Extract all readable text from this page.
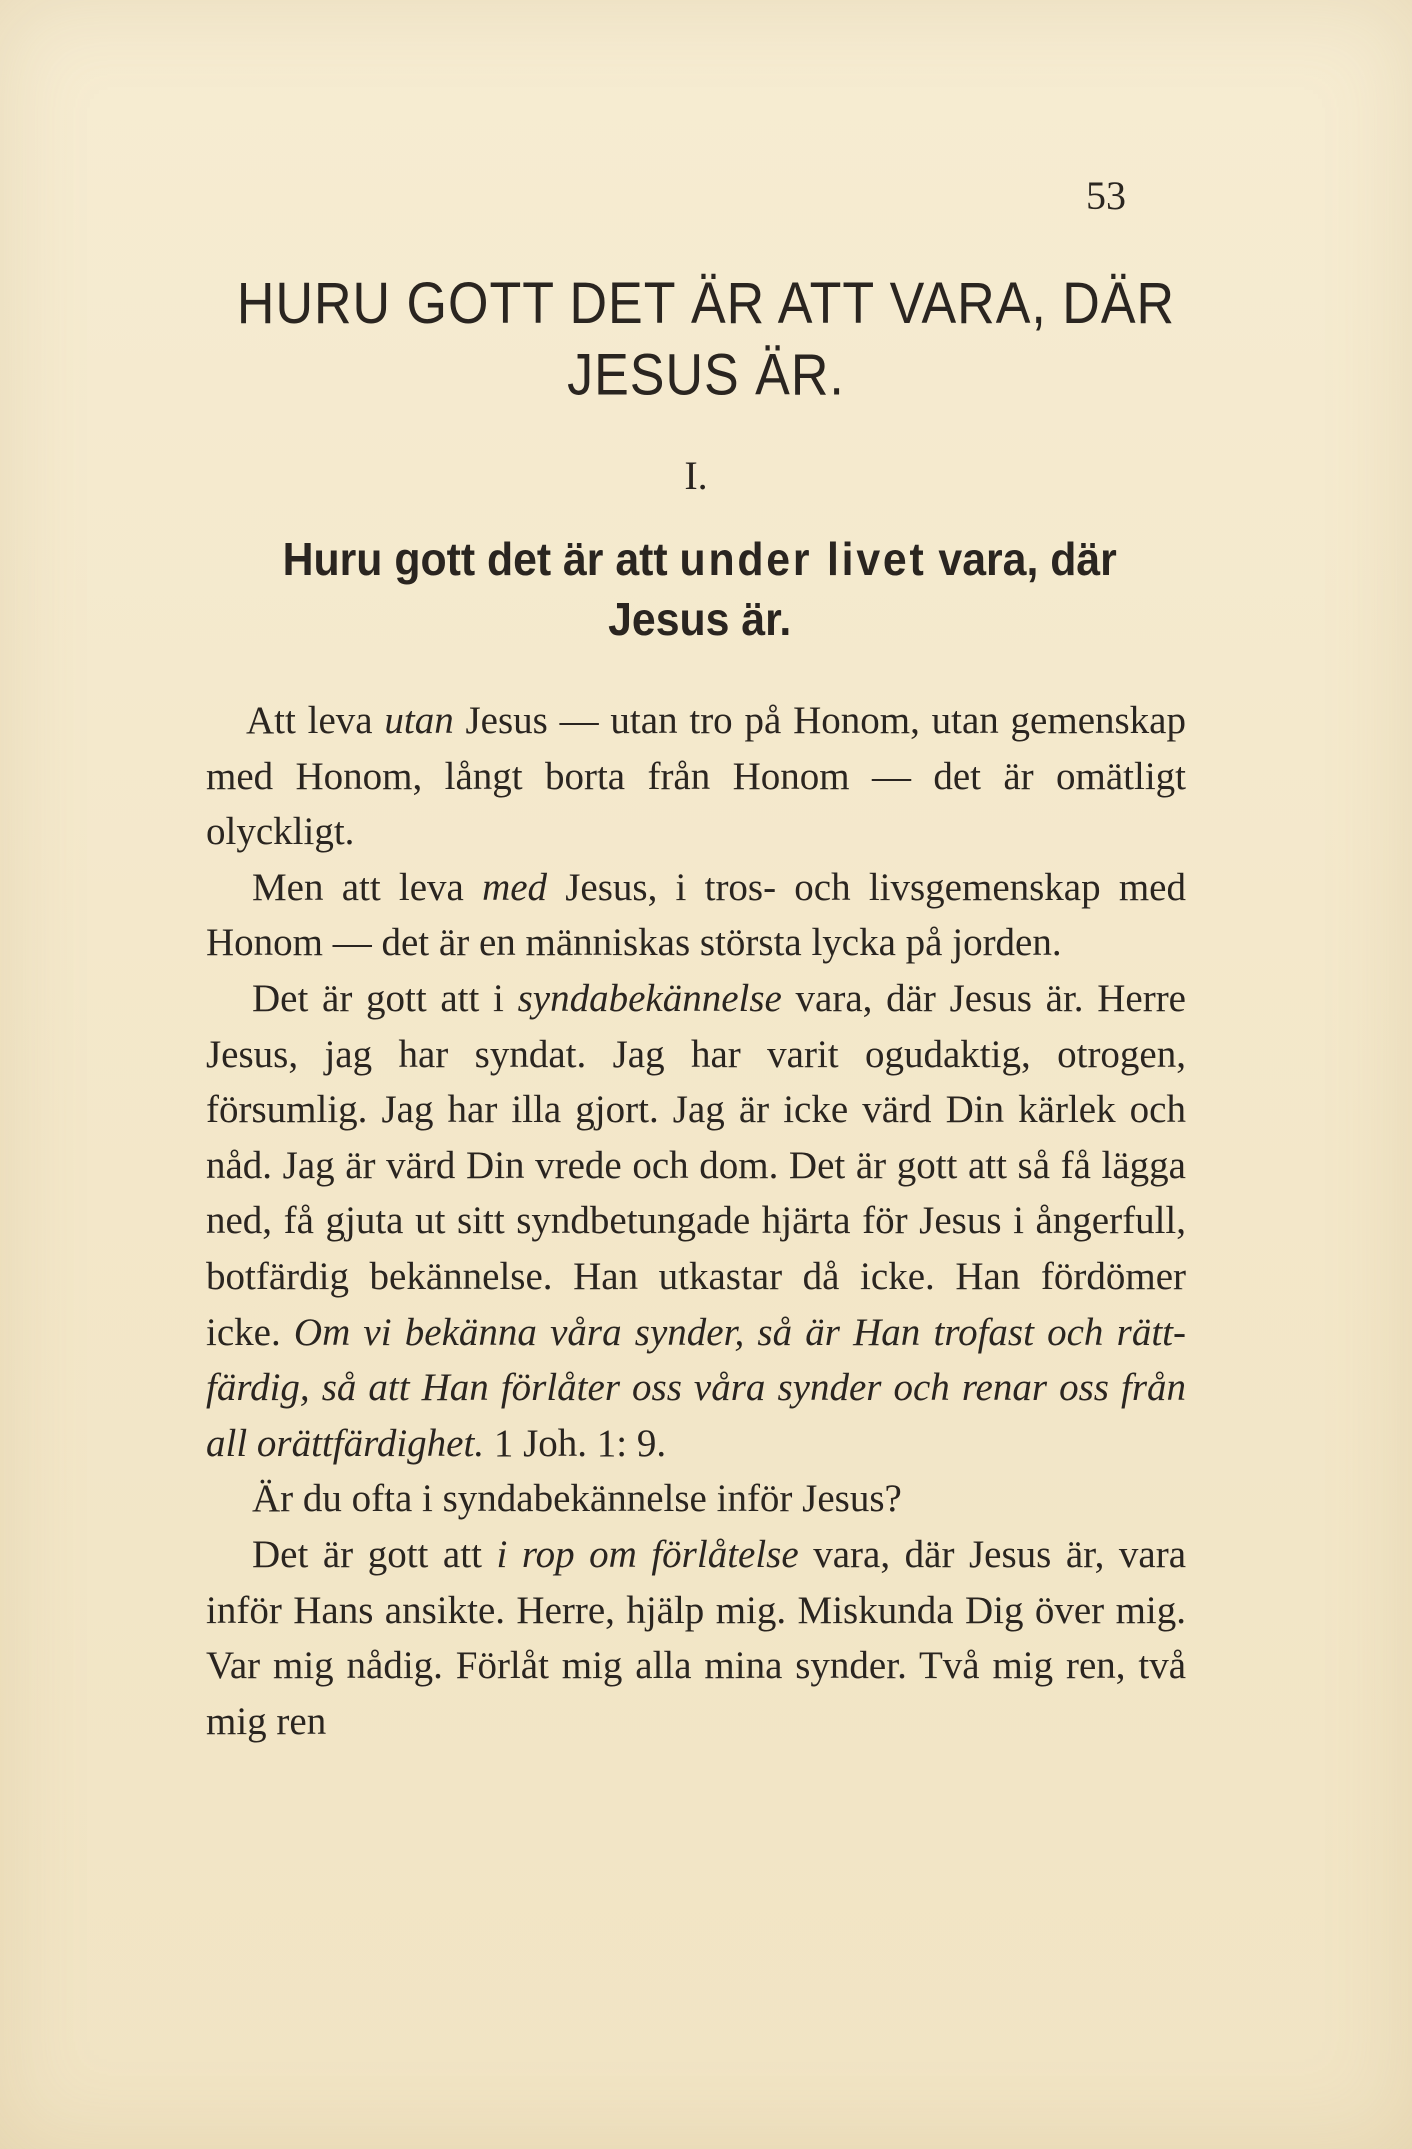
53
HURU GOTT DET ÄR ATT VARA, DÄR JESUS ÄR.
I.
Huru gott det är att under livet vara, där Jesus är.

Att leva utan Jesus — utan tro på Honom, utan gemenskap med Honom, långt borta från Honom — det är omätligt olyckligt.

Men att leva med Jesus, i tros- och livsgemenskap med Honom — det är en människas största lycka på jorden.

Det är gott att i syndabekännelse vara, där Jesus är. Herre Jesus, jag har syndat. Jag har varit ogudaktig, otrogen, försumlig. Jag har illa gjort. Jag är icke värd Din kärlek och nåd. Jag är värd Din vrede och dom. Det är gott att så få lägga ned, få gjuta ut sitt syndbetungade hjärta för Jesus i ångerfull, botfärdig bekännelse. Han utkastar då icke. Han fördömer icke. Om vi bekänna våra synder, så är Han trofast och rättfärdig, så att Han förlåter oss våra synder och renar oss från all orättfärdighet. 1 Joh. 1: 9.

Är du ofta i syndabekännelse inför Jesus?

Det är gott att i rop om förlåtelse vara, där Jesus är, vara inför Hans ansikte. Herre, hjälp mig. Miskunda Dig över mig. Var mig nådig. Förlåt mig alla mina synder. Två mig ren, två mig ren
